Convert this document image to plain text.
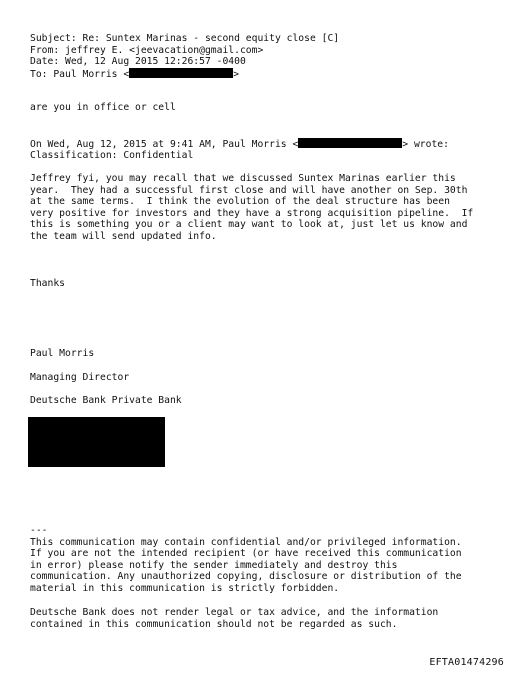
Subject: Re: Suntex Marinas - second equity close [C]
From: jeffrey E. <jeevacation@gmail.com>
Date: Wed, 12 Aug 2015 12:26:57 -0400
To: Paul Morris <	>
are you in office or cell
On Wed, Aug 12, 2015 at 9:41 AM, Paul Morris <	> wrote:
Classification: Confidential
Jeffrey fyi, you may recall that we discussed Suntex Marinas earlier this
year.  They had a successful first close and will have another on Sep. 30th
at the same terms.  I think the evolution of the deal structure has been
very positive for investors and they have a strong acquisition pipeline.  If
this is something you or a client may want to look at, just let us know and
the team will send updated info.
Thanks
Paul Morris
Managing Director
Deutsche Bank Private Bank
---
This communication may contain confidential and/or privileged information.
If you are not the intended recipient (or have received this communication
in error) please notify the sender immediately and destroy this
communication. Any unauthorized copying, disclosure or distribution of the
material in this communication is strictly forbidden.
Deutsche Bank does not render legal or tax advice, and the information
contained in this communication should not be regarded as such.
EFTA01474296
